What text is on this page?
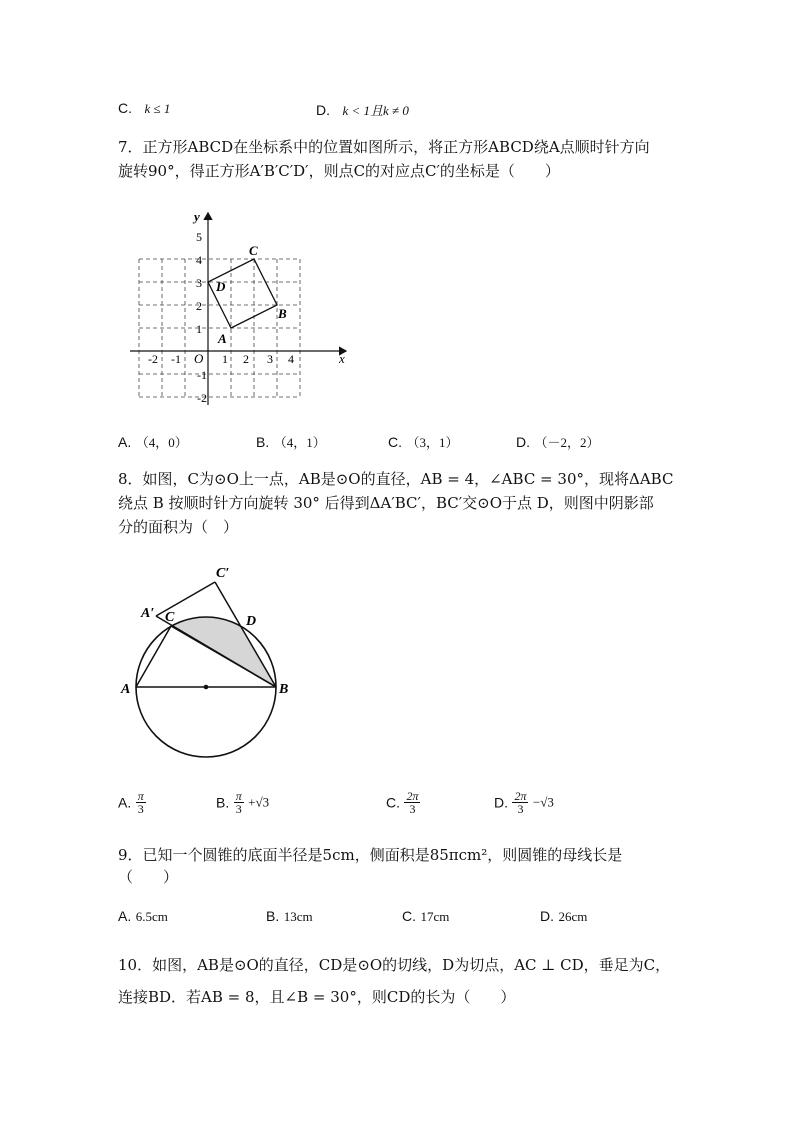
C. k ≤ 1	D. k < 1且k ≠ 0
7．正方形ABCD在坐标系中的位置如图所示，将正方形ABCD绕A点顺时针方向
旋转90°，得正方形A′B′C′D′，则点C的对应点C′的坐标是（　　）
x
y
O
-2 -1	1 2 3 4
5
4
3
2
1
-1
-2
A
B
C
D
A. （4，0）	B. （4，1）	C. （3，1）	D. （－2，2）
8．如图，C为⊙O上一点，AB是⊙O的直径，AB = 4，∠ABC = 30°，现将ΔABC
绕点 B 按顺时针方向旋转 30° 后得到ΔA′BC′，BC′交⊙O于点 D，则图中阴影部
分的面积为（　）
A	B
C	D
A′
C′
A. $\frac{\pi}{3}$	B. $\frac{\pi}{3} +√3$	C. $\frac{2\pi}{3}$	D. $\frac{2\pi}{3} -√3$
9．已知一个圆锥的底面半径是5cm，侧面积是85πcm²，则圆锥的母线长是
（　　）
A. 6.5cm	B. 13cm	C. 17cm	D. 26cm
10．如图，AB是⊙O的直径，CD是⊙O的切线，D为切点，AC ⊥ CD，垂足为C，
连接BD．若AB = 8，且∠B = 30°，则CD的长为（　　）
